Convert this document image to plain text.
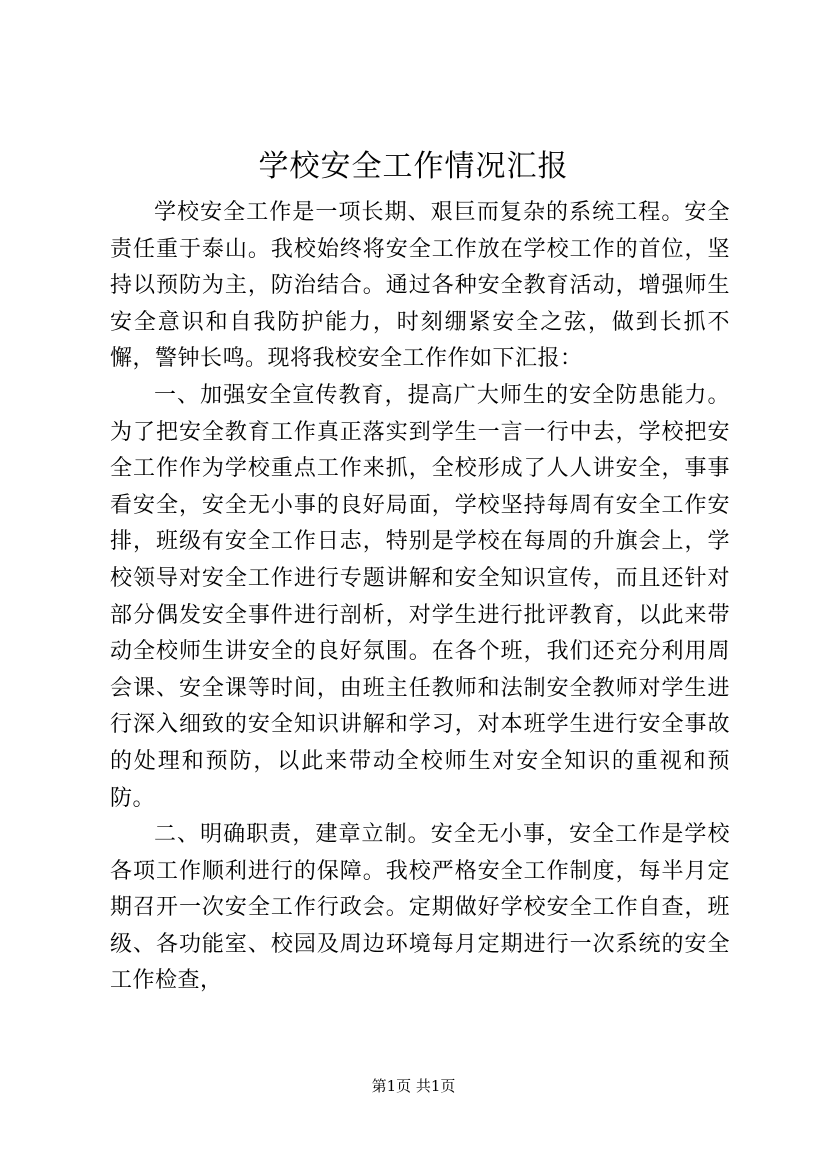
学校安全工作情况汇报

学校安全工作是一项长期、艰巨而复杂的系统工程。安全责任重于泰山。我校始终将安全工作放在学校工作的首位，坚持以预防为主，防治结合。通过各种安全教育活动，增强师生安全意识和自我防护能力，时刻绷紧安全之弦，做到长抓不懈，警钟长鸣。现将我校安全工作作如下汇报：

一、加强安全宣传教育，提高广大师生的安全防患能力。为了把安全教育工作真正落实到学生一言一行中去，学校把安全工作作为学校重点工作来抓，全校形成了人人讲安全，事事看安全，安全无小事的良好局面，学校坚持每周有安全工作安排，班级有安全工作日志，特别是学校在每周的升旗会上，学校领导对安全工作进行专题讲解和安全知识宣传，而且还针对部分偶发安全事件进行剖析，对学生进行批评教育，以此来带动全校师生讲安全的良好氛围。在各个班，我们还充分利用周会课、安全课等时间，由班主任教师和法制安全教师对学生进行深入细致的安全知识讲解和学习，对本班学生进行安全事故的处理和预防，以此来带动全校师生对安全知识的重视和预防。

二、明确职责，建章立制。安全无小事，安全工作是学校各项工作顺利进行的保障。我校严格安全工作制度，每半月定期召开一次安全工作行政会。定期做好学校安全工作自查，班级、各功能室、校园及周边环境每月定期进行一次系统的安全工作检查，

第1页 共1页
